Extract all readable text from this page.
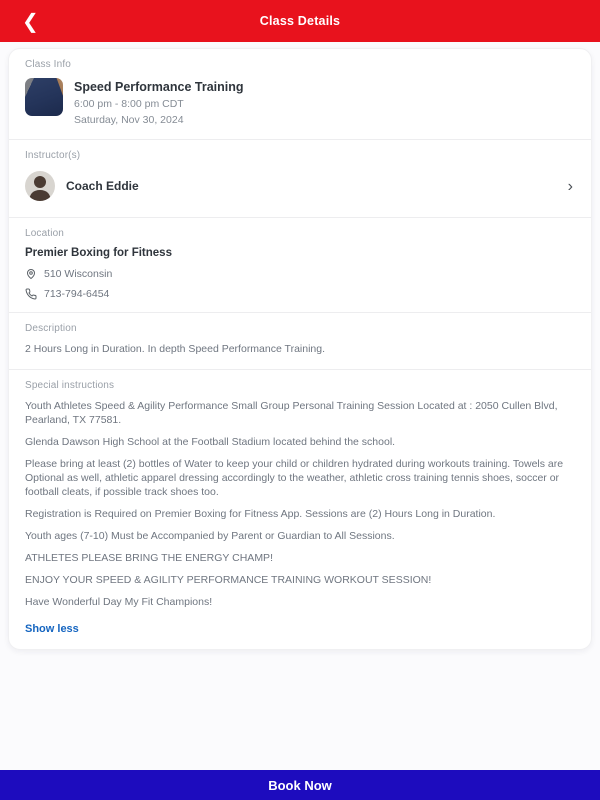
❮	Class Details
Class Info
Speed Performance Training
6:00 pm - 8:00 pm CDT
Saturday, Nov 30, 2024
Instructor(s)
Coach Eddie	›
Location
Premier Boxing for Fitness
510 Wisconsin
713-794-6454
Description
2 Hours Long in Duration. In depth Speed Performance Training.
Special instructions

Youth Athletes Speed & Agility Performance Small Group Personal Training Session Located at : 2050 Cullen Blvd, Pearland, TX 77581.

Glenda Dawson High School at the Football Stadium located behind the school.

Please bring at least (2) bottles of Water to keep your child or children hydrated during workouts training. Towels are Optional as well, athletic apparel dressing accordingly to the weather, athletic cross training tennis shoes, soccer or football cleats, if possible track shoes too.

Registration is Required on Premier Boxing for Fitness App. Sessions are (2) Hours Long in Duration.

Youth ages (7-10) Must be Accompanied by Parent or Guardian to All Sessions.

ATHLETES PLEASE BRING THE ENERGY CHAMP!

ENJOY YOUR SPEED & AGILITY PERFORMANCE TRAINING WORKOUT SESSION!

Have Wonderful Day My Fit Champions!

Show less
Book Now
